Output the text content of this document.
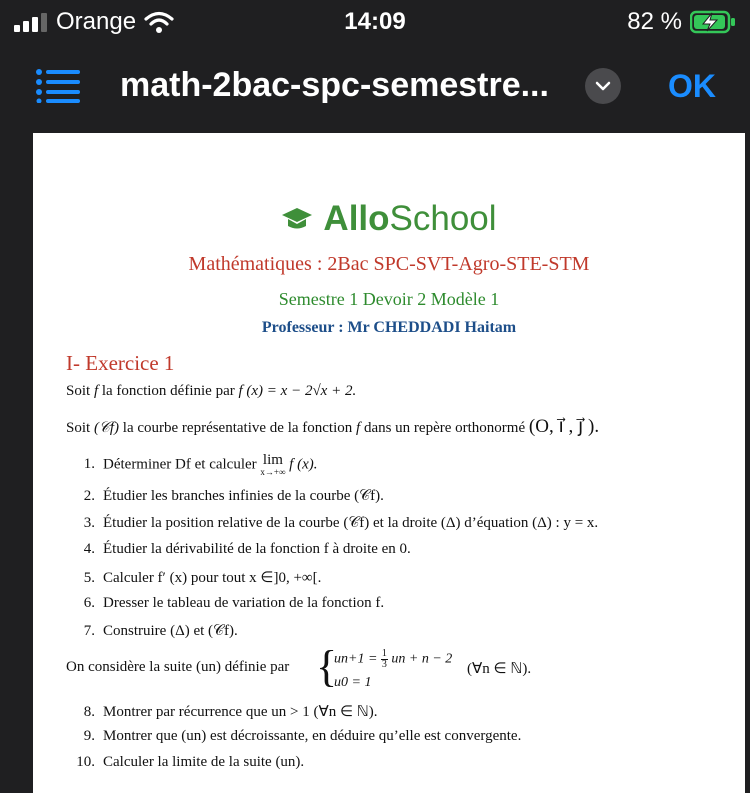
Orange	14:09	82 %
math-2bac-spc-semestre...	OK
AlloSchool
Mathématiques : 2Bac SPC-SVT-Agro-STE-STM
Semestre 1 Devoir 2 Modèle 1
Professeur : Mr CHEDDADI Haitam
I- Exercice 1
Soit f la fonction définie par f (x) = x − 2√x + 2.
Soit (𝒞f) la courbe représentative de la fonction f dans un repère orthonormé (O, i⃗ , j⃗ ).
1. Déterminer Df et calculer lim
x→+∞ f (x).
2. Étudier les branches infinies de la courbe (𝒞f).
3. Étudier la position relative de la courbe (𝒞f) et la droite (Δ) d’équation (Δ) : y = x.
4. Étudier la dérivabilité de la fonction f à droite en 0.
5. Calculer f′ (x) pour tout x ∈]0, +∞[.
6. Dresser le tableau de variation de la fonction f.
7. Construire (Δ) et (𝒞f).
On considère la suite (un) définie par {
$un+1 = \frac{1}{3}$ un + n − 2
u0 = 1
(∀n ∈ ℕ).
8. Montrer par récurrence que un > 1 (∀n ∈ ℕ).
9. Montrer que (un) est décroissante, en déduire qu’elle est convergente.
10. Calculer la limite de la suite (un).
